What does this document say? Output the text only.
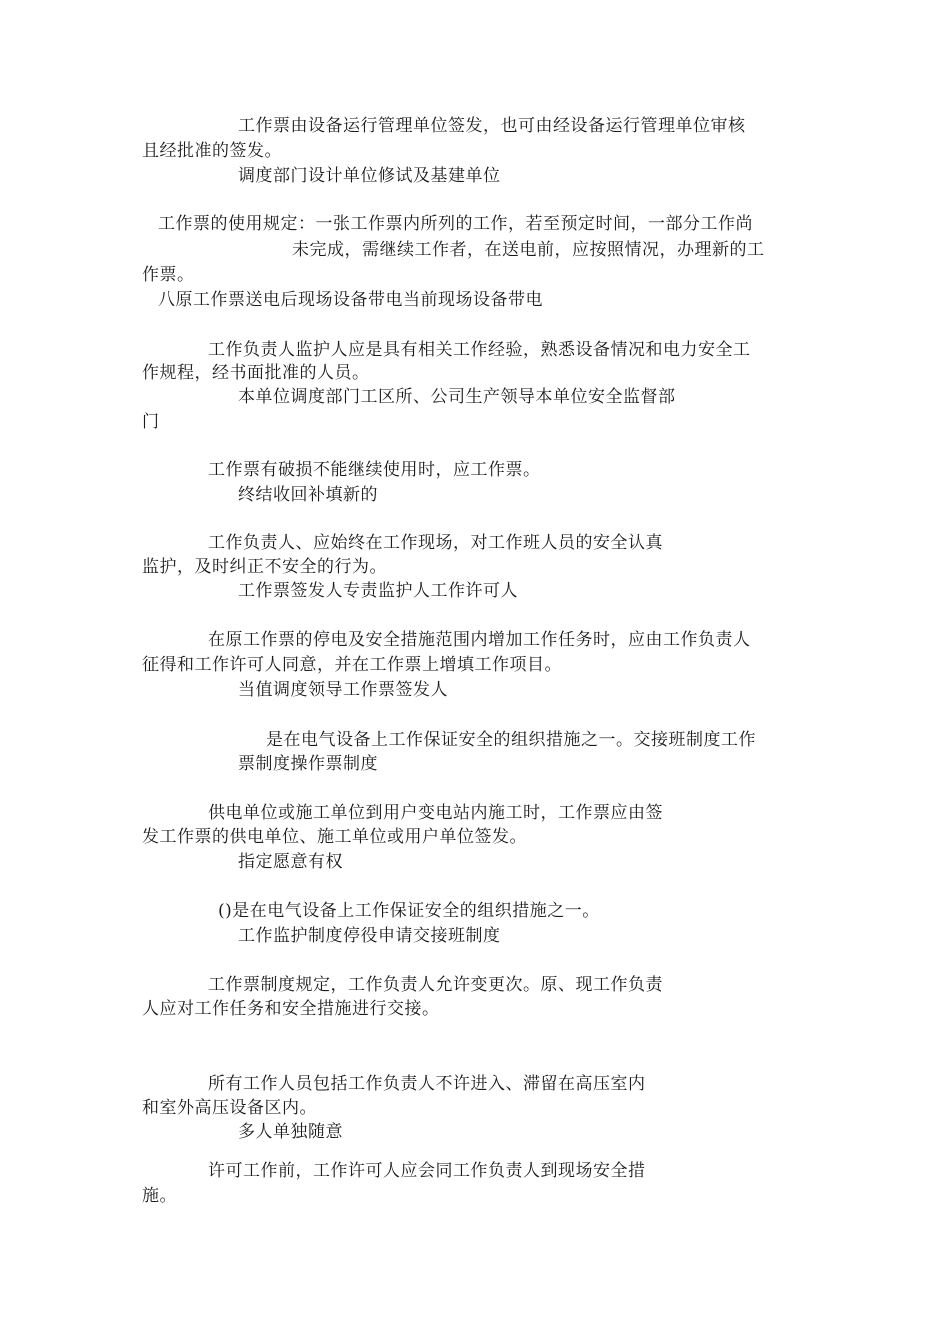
工作票由设备运行管理单位签发，也可由经设备运行管理单位审核
且经批准的签发。
调度部门设计单位修试及基建单位
工作票的使用规定：一张工作票内所列的工作，若至预定时间，一部分工作尚
未完成，需继续工作者，在送电前，应按照情况，办理新的工
作票。
八原工作票送电后现场设备带电当前现场设备带电
工作负责人监护人应是具有相关工作经验，熟悉设备情况和电力安全工
作规程，经书面批准的人员。
本单位调度部门工区所、公司生产领导本单位安全监督部
门
工作票有破损不能继续使用时，应工作票。
终结收回补填新的
工作负责人、应始终在工作现场，对工作班人员的安全认真
监护，及时纠正不安全的行为。
工作票签发人专责监护人工作许可人
在原工作票的停电及安全措施范围内增加工作任务时，应由工作负责人
征得和工作许可人同意，并在工作票上增填工作项目。
当值调度领导工作票签发人
是在电气设备上工作保证安全的组织措施之一。交接班制度工作
票制度操作票制度
供电单位或施工单位到用户变电站内施工时，工作票应由签
发工作票的供电单位、施工单位或用户单位签发。
指定愿意有权
()是在电气设备上工作保证安全的组织措施之一。
工作监护制度停役申请交接班制度
工作票制度规定，工作负责人允许变更次。原、现工作负责
人应对工作任务和安全措施进行交接。
所有工作人员包括工作负责人不许进入、滞留在高压室内
和室外高压设备区内。
多人单独随意
许可工作前，工作许可人应会同工作负责人到现场安全措
施。
